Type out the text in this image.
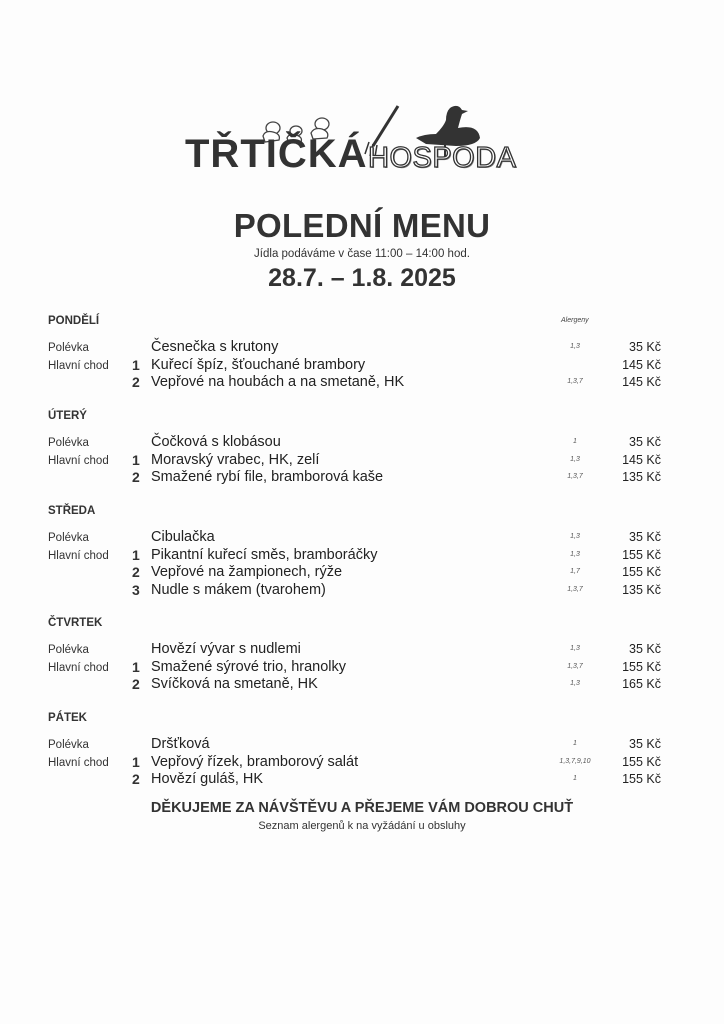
TŘTIČKÁ HOSPODA
POLEDNÍ MENU
Jídla podáváme v čase 11:00 – 14:00 hod.
28.7. – 1.8. 2025
Alergeny
PONDĚLÍ
Polévka	Česnečka s krutony	1,3	35 Kč
Hlavní chod 1 Kuřecí špíz, šťouchané brambory	145 Kč
2 Vepřové na houbách a na smetaně, HK	1,3,7	145 Kč
ÚTERÝ
Polévka	Čočková s klobásou	1	35 Kč
Hlavní chod 1 Moravský vrabec, HK, zelí	1,3	145 Kč
2 Smažené rybí file, bramborová kaše	1,3,7	135 Kč
STŘEDA
Polévka	Cibulačka	1,3	35 Kč
Hlavní chod 1 Pikantní kuřecí směs, bramboráčky	1,3	155 Kč
2 Vepřové na žampionech, rýže	1,7	155 Kč
3 Nudle s mákem (tvarohem)	1,3,7	135 Kč
ČTVRTEK
Polévka	Hovězí vývar s nudlemi	1,3	35 Kč
Hlavní chod 1 Smažené sýrové trio, hranolky	1,3,7	155 Kč
2 Svíčková na smetaně, HK	1,3	165 Kč
PÁTEK
Polévka	Dršťková	1	35 Kč
Hlavní chod 1 Vepřový řízek, bramborový salát	1,3,7,9,10	155 Kč
2 Hovězí guláš, HK	1	155 Kč
DĚKUJEME ZA NÁVŠTĚVU A PŘEJEME VÁM DOBROU CHUŤ
Seznam alergenů k na vyžádání u obsluhy
